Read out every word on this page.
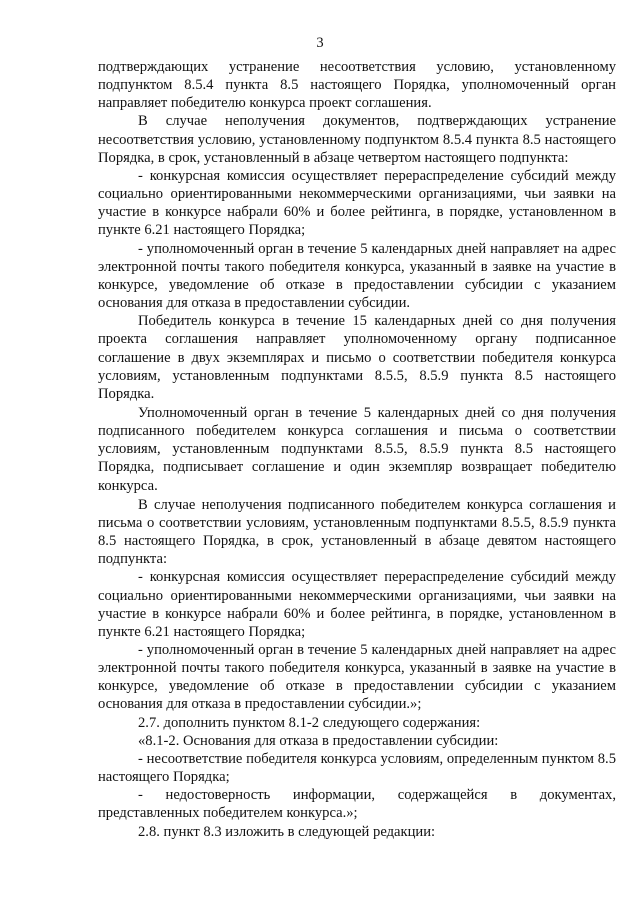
3

подтверждающих устранение несоответствия условию, установленному подпунктом 8.5.4 пункта 8.5 настоящего Порядка, уполномоченный орган направляет победителю конкурса проект соглашения.

В случае неполучения документов, подтверждающих устранение несоответствия условию, установленному подпунктом 8.5.4 пункта 8.5 настоящего Порядка, в срок, установленный в абзаце четвертом настоящего подпункта:

- конкурсная комиссия осуществляет перераспределение субсидий между социально ориентированными некоммерческими организациями, чьи заявки на участие в конкурсе набрали 60% и более рейтинга, в порядке, установленном в пункте 6.21 настоящего Порядка;

- уполномоченный орган в течение 5 календарных дней направляет на адрес электронной почты такого победителя конкурса, указанный в заявке на участие в конкурсе, уведомление об отказе в предоставлении субсидии с указанием основания для отказа в предоставлении субсидии.

Победитель конкурса в течение 15 календарных дней со дня получения проекта соглашения направляет уполномоченному органу подписанное соглашение в двух экземплярах и письмо о соответствии победителя конкурса условиям, установленным подпунктами 8.5.5, 8.5.9 пункта 8.5 настоящего Порядка.

Уполномоченный орган в течение 5 календарных дней со дня получения подписанного победителем конкурса соглашения и письма о соответствии условиям, установленным подпунктами 8.5.5, 8.5.9 пункта 8.5 настоящего Порядка, подписывает соглашение и один экземпляр возвращает победителю конкурса.

В случае неполучения подписанного победителем конкурса соглашения и письма о соответствии условиям, установленным подпунктами 8.5.5, 8.5.9 пункта 8.5 настоящего Порядка, в срок, установленный в абзаце девятом настоящего подпункта:

- конкурсная комиссия осуществляет перераспределение субсидий между социально ориентированными некоммерческими организациями, чьи заявки на участие в конкурсе набрали 60% и более рейтинга, в порядке, установленном в пункте 6.21 настоящего Порядка;

- уполномоченный орган в течение 5 календарных дней направляет на адрес электронной почты такого победителя конкурса, указанный в заявке на участие в конкурсе, уведомление об отказе в предоставлении субсидии с указанием основания для отказа в предоставлении субсидии.»;

2.7. дополнить пунктом 8.1-2 следующего содержания:

«8.1-2. Основания для отказа в предоставлении субсидии:

- несоответствие победителя конкурса условиям, определенным пунктом 8.5 настоящего Порядка;

- недостоверность информации, содержащейся в документах, представленных победителем конкурса.»;

2.8. пункт 8.3 изложить в следующей редакции:
